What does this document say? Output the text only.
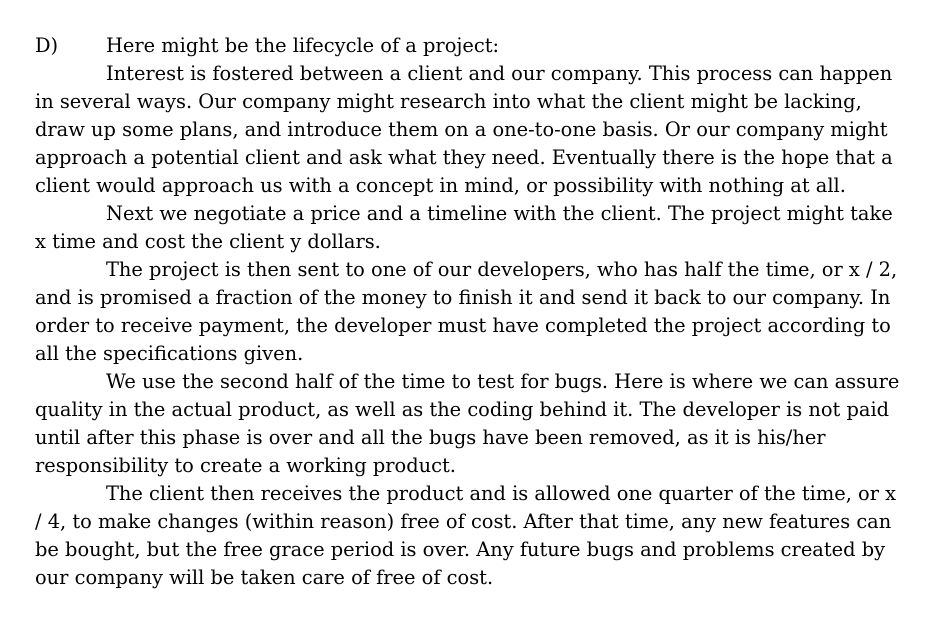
D)	Here might be the lifecycle of a project:

Interest is fostered between a client and our company. This process can happen in several ways. Our company might research into what the client might be lacking, draw up some plans, and introduce them on a one-to-one basis. Or our company might approach a potential client and ask what they need. Eventually there is the hope that a client would approach us with a concept in mind, or possibility with nothing at all.

Next we negotiate a price and a timeline with the client. The project might take x time and cost the client y dollars.

The project is then sent to one of our developers, who has half the time, or x / 2, and is promised a fraction of the money to finish it and send it back to our company. In order to receive payment, the developer must have completed the project according to all the specifications given.

We use the second half of the time to test for bugs. Here is where we can assure quality in the actual product, as well as the coding behind it. The developer is not paid until after this phase is over and all the bugs have been removed, as it is his/her responsibility to create a working product.

The client then receives the product and is allowed one quarter of the time, or x / 4, to make changes (within reason) free of cost. After that time, any new features can be bought, but the free grace period is over. Any future bugs and problems created by our company will be taken care of free of cost.
